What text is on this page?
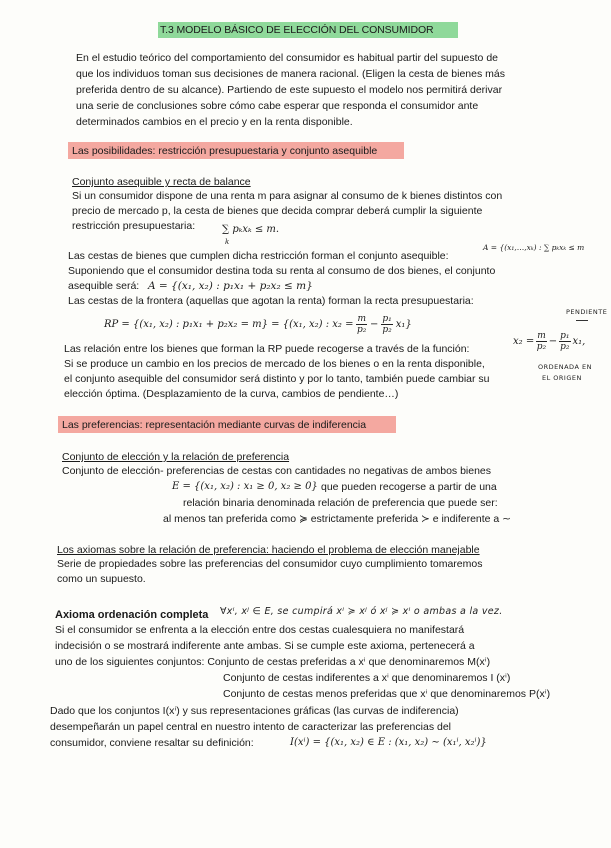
T.3 MODELO BÁSICO DE ELECCIÓN DEL CONSUMIDOR
En el estudio teórico del comportamiento del consumidor es habitual partir del supuesto de
que los individuos toman sus decisiones de manera racional. (Eligen la cesta de bienes más
preferida dentro de su alcance). Partiendo de este supuesto el modelo nos permitirá derivar
una serie de conclusiones sobre cómo cabe esperar que responda el consumidor ante
determinados cambios en el precio y en la renta disponible.
Las posibilidades: restricción presupuestaria y conjunto asequible
Conjunto asequible y recta de balance
Si un consumidor dispone de una renta m para asignar al consumo de k bienes distintos con
precio de mercado p, la cesta de bienes que decida comprar deberá cumplir la siguiente
restricción presupuestaria:	∑ pₖxₖ ≤ m.
k
Las cestas de bienes que cumplen dicha restricción forman el conjunto asequible:
A = {(x₁,…,xₖ) : ∑ pₖxₖ ≤ m
Suponiendo que el consumidor destina toda su renta al consumo de dos bienes, el conjunto
asequible será: A = {(x₁, x₂) : p₁x₁ + p₂x₂ ≤ m}
Las cestas de la frontera (aquellas que agotan la renta) forman la recta presupuestaria:
RP = {(x₁, x₂) : p₁x₁ + p₂x₂ = m} = {(x₁, x₂) : $x_2 = \frac{m}{\text{p₂}} - \frac{\text{p₁}}{\text{p₂}} x_1$}
PENDIENTE
Las relación entre los bienes que forman la RP puede recogerse a través de la función:
$x_2 = \frac{m}{\text{p₂}} - \frac{\text{p₁}}{\text{p₂}} x_1$,
ORDENADA EN
EL ORIGEN
Si se produce un cambio en los precios de mercado de los bienes o en la renta disponible,
el conjunto asequible del consumidor será distinto y por lo tanto, también puede cambiar su
elección óptima. (Desplazamiento de la curva, cambios de pendiente…)
Las preferencias: representación mediante curvas de indiferencia
Conjunto de elección y la relación de preferencia
Conjunto de elección- preferencias de cestas con cantidades no negativas de ambos bienes
E = {(x₁, x₂) : x₁ ≥ 0, x₂ ≥ 0} que pueden recogerse a partir de una
relación binaria denominada relación de preferencia que puede ser:
al menos tan preferida como ≽ estrictamente preferida ≻ e indiferente a ∼
Los axiomas sobre la relación de preferencia: haciendo el problema de elección manejable
Serie de propiedades sobre las preferencias del consumidor cuyo cumplimiento tomaremos
como un supuesto.
Axioma ordenación completa ∀xⁱ, xʲ ∈ E, se cumpirá xⁱ ≽ xʲ ó xʲ ≽ xⁱ o ambas a la vez.
Si el consumidor se enfrenta a la elección entre dos cestas cualesquiera no manifestará
indecisión o se mostrará indiferente ante ambas. Si se cumple este axioma, pertenecerá a
uno de los siguientes conjuntos: Conjunto de cestas preferidas a xⁱ que denominaremos M(xⁱ)
Conjunto de cestas indiferentes a xⁱ que denominaremos I (xⁱ)
Conjunto de cestas menos preferidas que xⁱ que denominaremos P(xⁱ)
Dado que los conjuntos I(xⁱ) y sus representaciones gráficas (las curvas de indiferencia)
desempeñarán un papel central en nuestro intento de caracterizar las preferencias del
consumidor, conviene resaltar su definición:	I(xⁱ) = {(x₁, x₂) ∈ E : (x₁, x₂) ∼ (x₁ⁱ, x₂ⁱ)}
